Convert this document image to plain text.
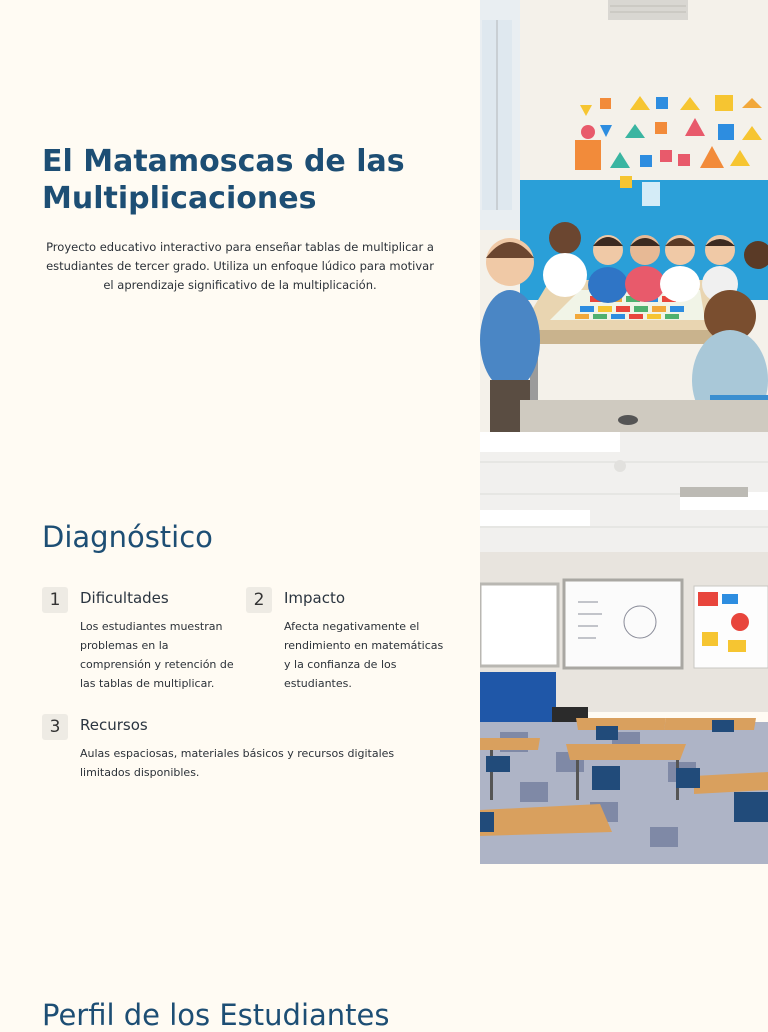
El Matamoscas de las Multiplicaciones

Proyecto educativo interactivo para enseñar tablas de multiplicar a estudiantes de tercer grado. Utiliza un enfoque lúdico para motivar el aprendizaje significativo de la multiplicación.

Diagnóstico
1	Dificultades

Los estudiantes muestran problemas en la comprensión y retención de las tablas de multiplicar.

2	Impacto

Afecta negativamente el rendimiento en matemáticas y la confianza de los estudiantes.

3	Recursos

Aulas espaciosas, materiales básicos y recursos digitales limitados disponibles.

Perfil de los Estudiantes
